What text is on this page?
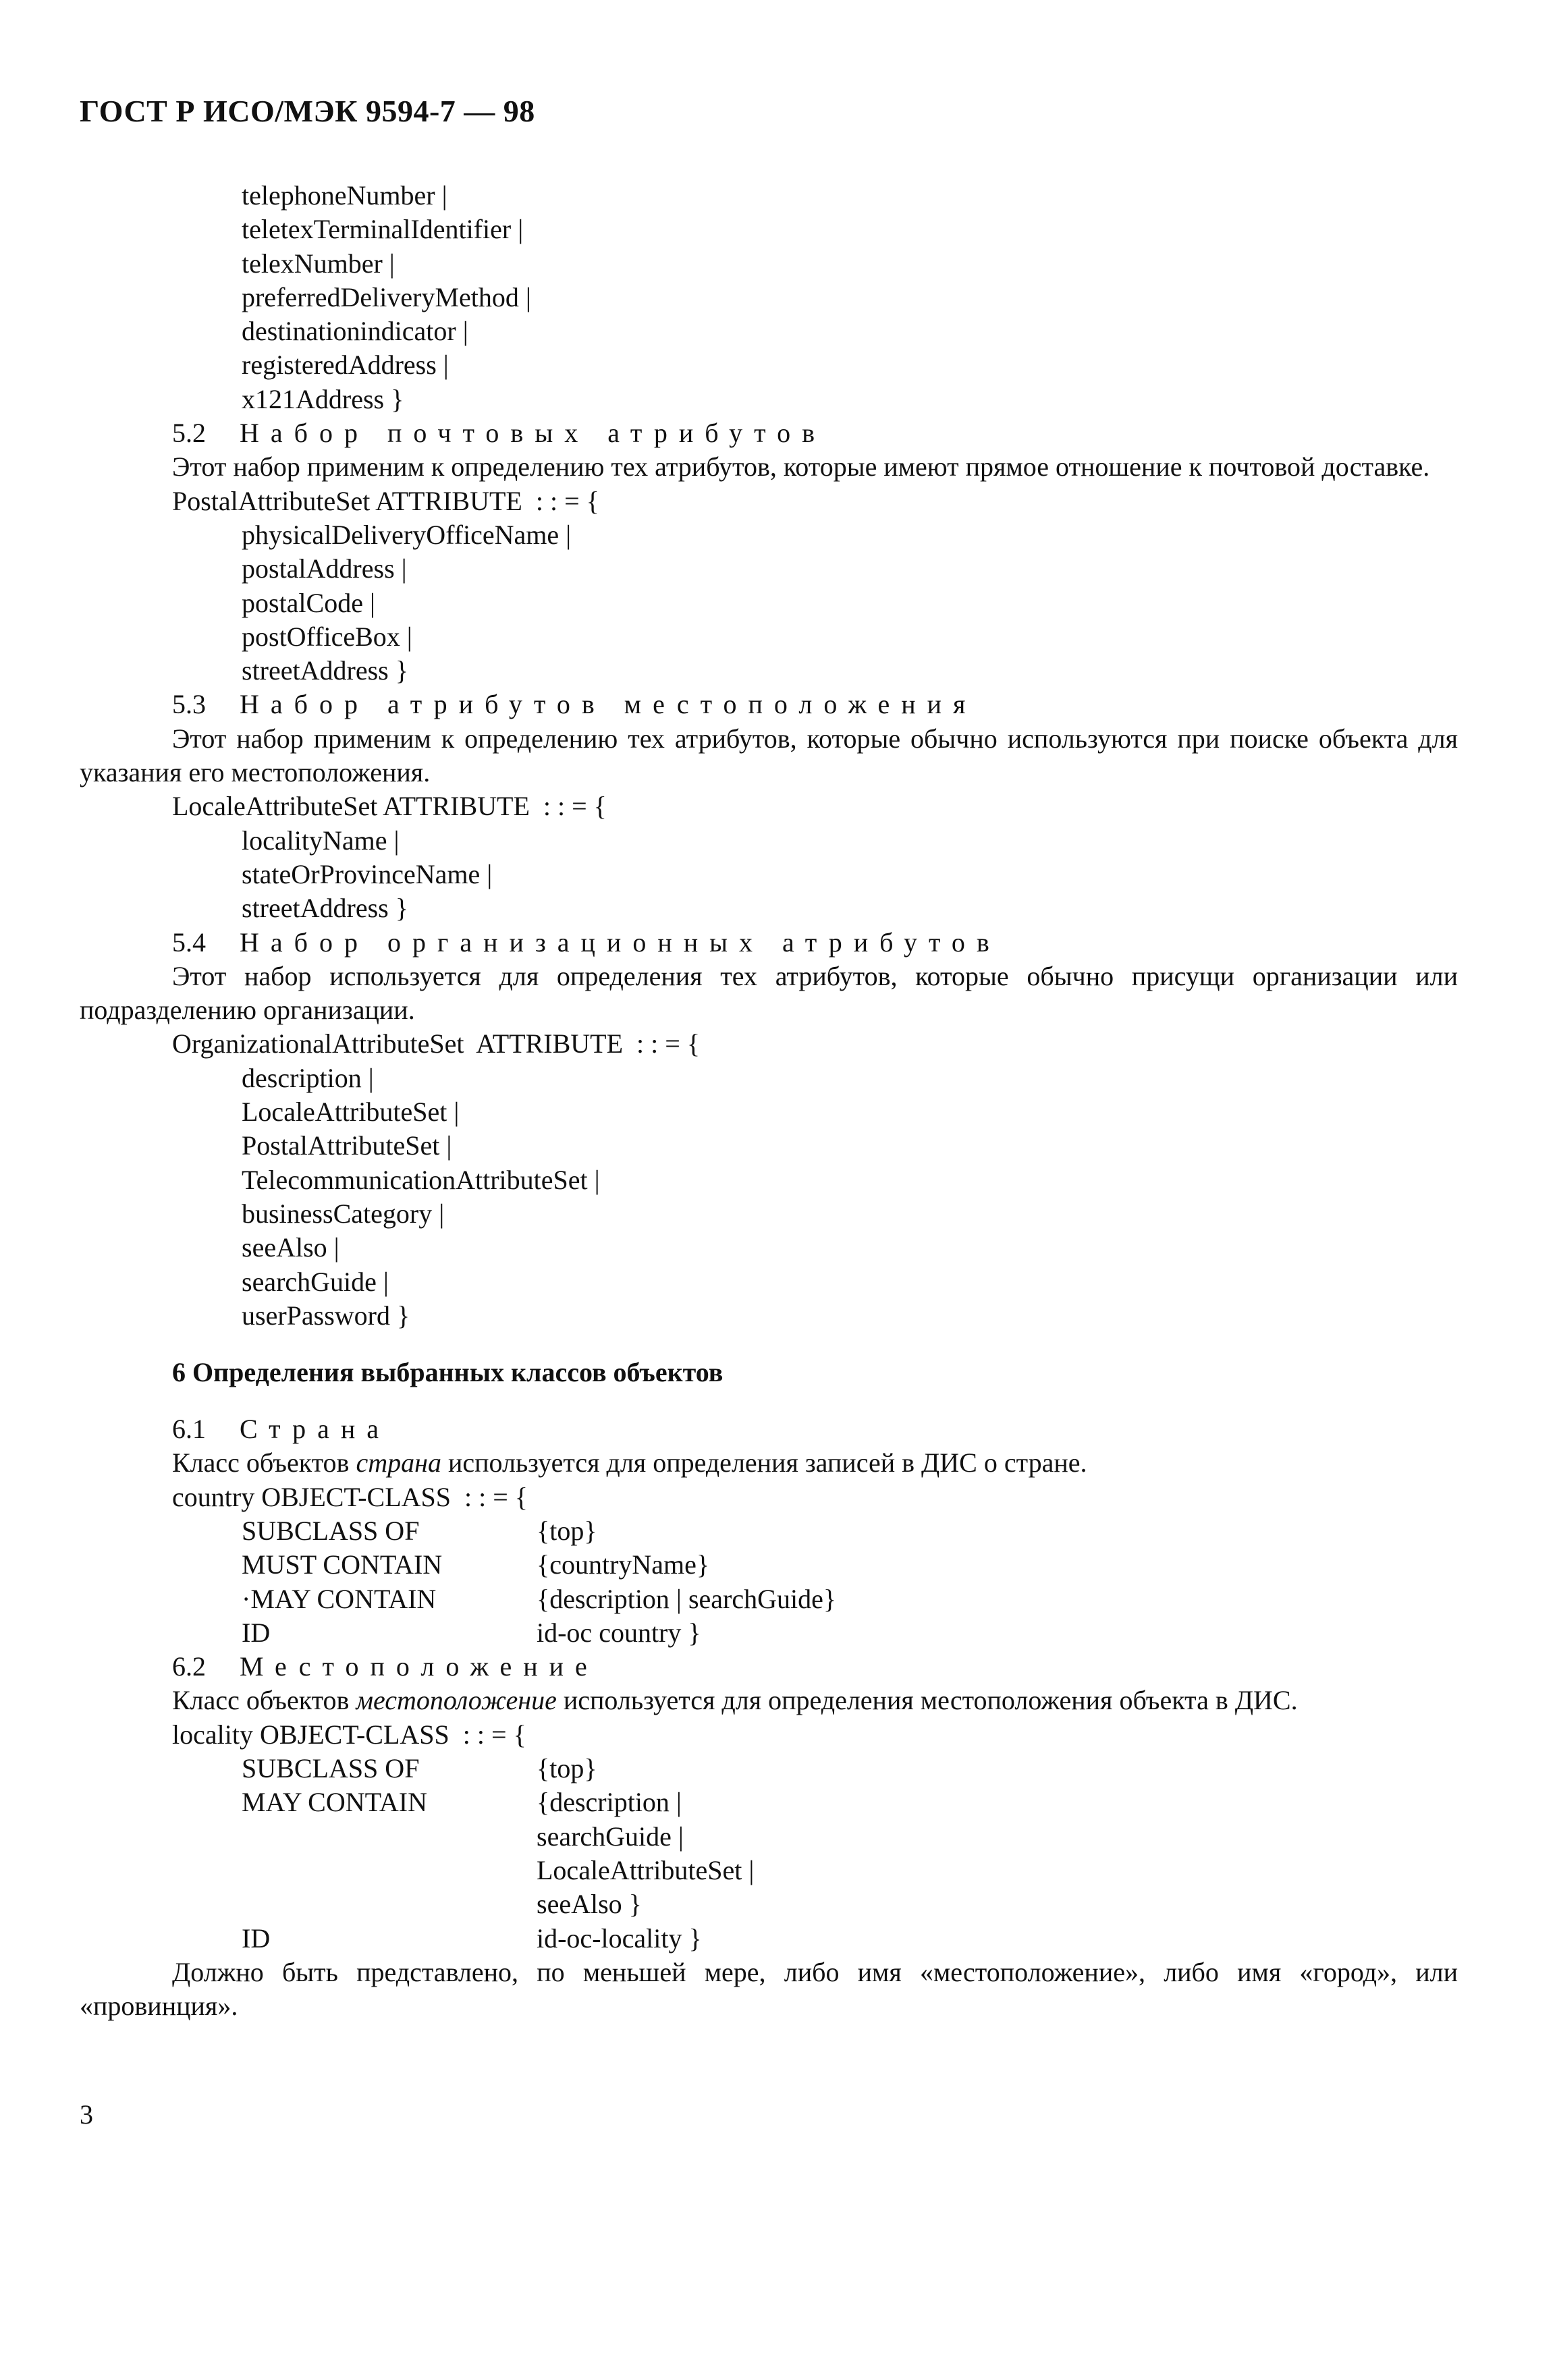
ГОСТ Р ИСО/МЭК 9594-7 — 98
telephoneNumber |
teletexTerminalIdentifier |
telexNumber |
preferredDeliveryMethod |
destinationindicator |
registeredAddress |
x121Address }
5.2 Набор почтовых атрибутов
Этот набор применим к определению тех атрибутов, которые имеют прямое отношение к почтовой доставке.
PostalAttributeSet ATTRIBUTE  : : = {
physicalDeliveryOfficeName |
postalAddress |
postalCode |
postOfficeBox |
streetAddress }
5.3 Набор атрибутов местоположения
Этот набор применим к определению тех атрибутов, которые обычно используются при поиске объекта для указания его местоположения.
LocaleAttributeSet ATTRIBUTE  : : = {
localityName |
stateOrProvinceName |
streetAddress }
5.4 Набор организационных атрибутов
Этот набор используется для определения тех атрибутов, которые обычно присущи организации или подразделению организации.
OrganizationalAttributeSet  ATTRIBUTE  : : = {
description |
LocaleAttributeSet |
PostalAttributeSet |
TelecommunicationAttributeSet |
businessCategory |
seeAlso |
searchGuide |
userPassword }
6 Определения выбранных классов объектов
6.1 Страна
Класс объектов страна используется для определения записей в ДИС о стране.
country OBJECT-CLASS  : : = {
SUBCLASS OF	{top}
MUST CONTAIN	{countryName}
·MAY CONTAIN	{description | searchGuide}
ID	id-oc country }
6.2 Местоположение
Класс объектов местоположение используется для определения местоположения объекта в ДИС.
locality OBJECT-CLASS  : : = {
SUBCLASS OF	{top}
MAY CONTAIN	{description |
searchGuide |
LocaleAttributeSet |
seeAlso }
ID	id-oc-locality }
Должно быть представлено, по меньшей мере, либо имя «местоположение», либо имя «город», или «провинция».
3
